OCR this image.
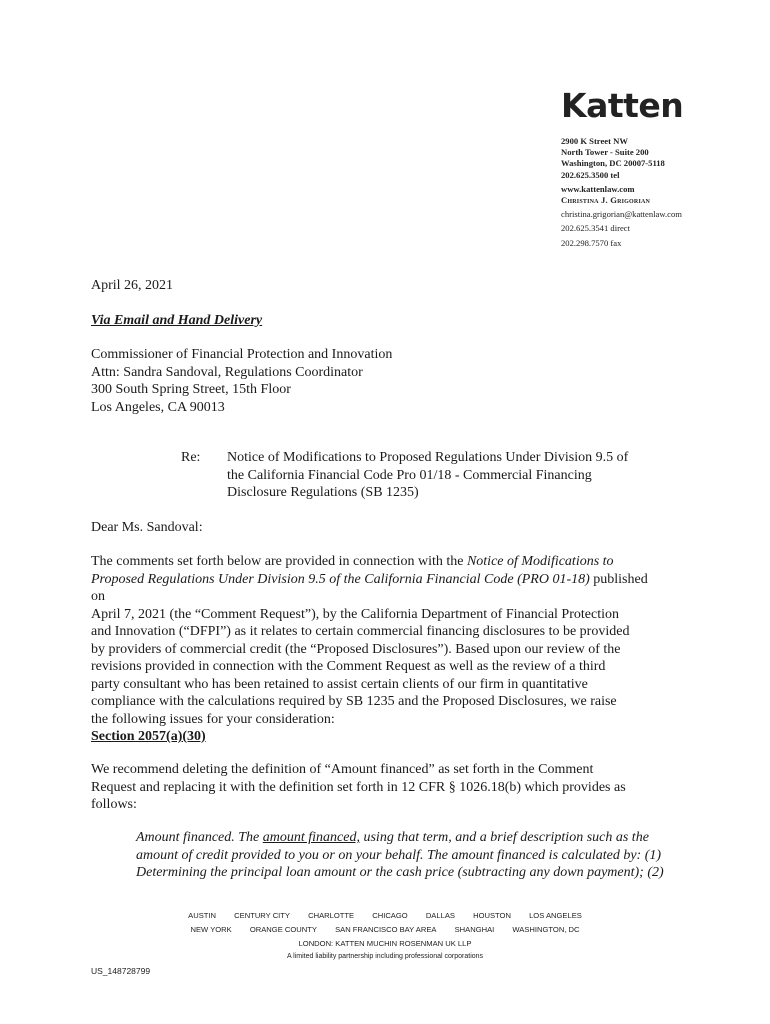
Katten
2900 K Street NW
North Tower - Suite 200
Washington, DC 20007-5118
202.625.3500 tel
www.kattenlaw.com
Christina J. Grigorian
christina.grigorian@kattenlaw.com
202.625.3541 direct
202.298.7570 fax
April 26, 2021
Via Email and Hand Delivery
Commissioner of Financial Protection and Innovation
Attn: Sandra Sandoval, Regulations Coordinator
300 South Spring Street, 15th Floor
Los Angeles, CA 90013
Re: Notice of Modifications to Proposed Regulations Under Division 9.5 of
the California Financial Code Pro 01/18 - Commercial Financing
Disclosure Regulations (SB 1235)
Dear Ms. Sandoval:
The comments set forth below are provided in connection with the Notice of Modifications to
Proposed Regulations Under Division 9.5 of the California Financial Code (PRO 01-18) published on
April 7, 2021 (the “Comment Request”), by the California Department of Financial Protection
and Innovation (“DFPI”) as it relates to certain commercial financing disclosures to be provided
by providers of commercial credit (the “Proposed Disclosures”). Based upon our review of the
revisions provided in connection with the Comment Request as well as the review of a third
party consultant who has been retained to assist certain clients of our firm in quantitative
compliance with the calculations required by SB 1235 and the Proposed Disclosures, we raise
the following issues for your consideration:
Section 2057(a)(30)
We recommend deleting the definition of “Amount financed” as set forth in the Comment
Request and replacing it with the definition set forth in 12 CFR § 1026.18(b) which provides as
follows:
Amount financed. The amount financed, using that term, and a brief description such as the
amount of credit provided to you or on your behalf. The amount financed is calculated by: (1)
Determining the principal loan amount or the cash price (subtracting any down payment); (2)
AUSTIN CENTURY CITY CHARLOTTE CHICAGO DALLAS HOUSTON LOS ANGELES
NEW YORK ORANGE COUNTY SAN FRANCISCO BAY AREA SHANGHAI WASHINGTON, DC
LONDON: KATTEN MUCHIN ROSENMAN UK LLP
A limited liability partnership including professional corporations
US_148728799
